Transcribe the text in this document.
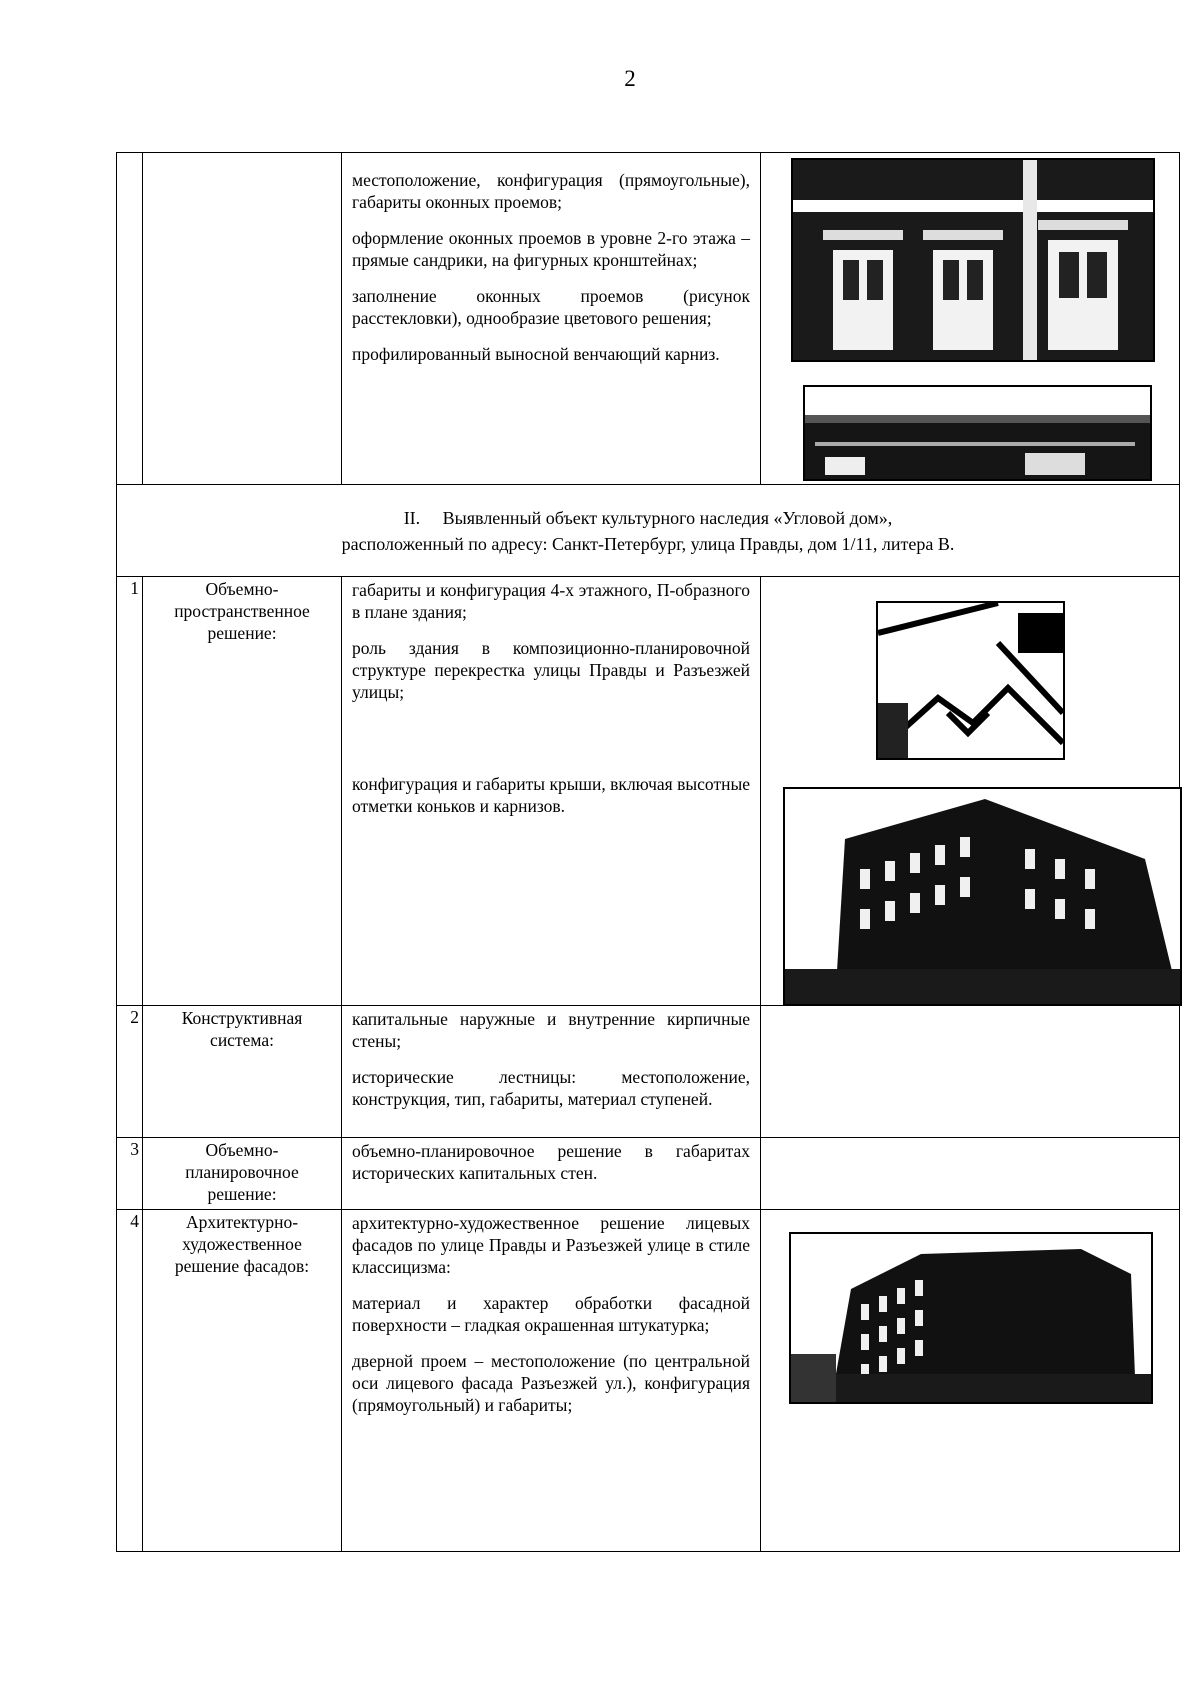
2

		местоположение, конфигурация (прямоугольные), габариты оконных проемов;

оформление оконных проемов в уровне 2-го этажа – прямые сандрики, на фигурных кронштейнах;

заполнение оконных проемов (рисунок расстекловки), однообразие цветового решения;

профилированный выносной венчающий карниз.

II.     Выявленный объект культурного наследия «Угловой дом»,
расположенный по адресу: Санкт-Петербург, улица Правды, дом 1/11, литера В.			

1	Объемно-пространственное решение:	габариты и конфигурация 4-х этажного, П-образного в плане здания;

роль здания в композиционно-планировочной структуре перекрестка улицы Правды и Разъезжей улицы;

конфигурация и габариты крыши, включая высотные отметки коньков и карнизов.

2	Конструктивная система:	капитальные наружные и внутренние кирпичные стены;

исторические лестницы: местоположение, конструкция, тип, габариты, материал ступеней.	

3	Объемно-планировочное решение:	объемно-планировочное решение в габаритах исторических капитальных стен.	

4	Архитектурно-художественное решение фасадов:	архитектурно-художественное решение лицевых фасадов по улице Правды и Разъезжей улице в стиле классицизма:

материал и характер обработки фасадной поверхности – гладкая окрашенная штукатурка;

дверной проем – местоположение (по центральной оси лицевого фасада Разъезжей ул.), конфигурация (прямоугольный) и габариты;
